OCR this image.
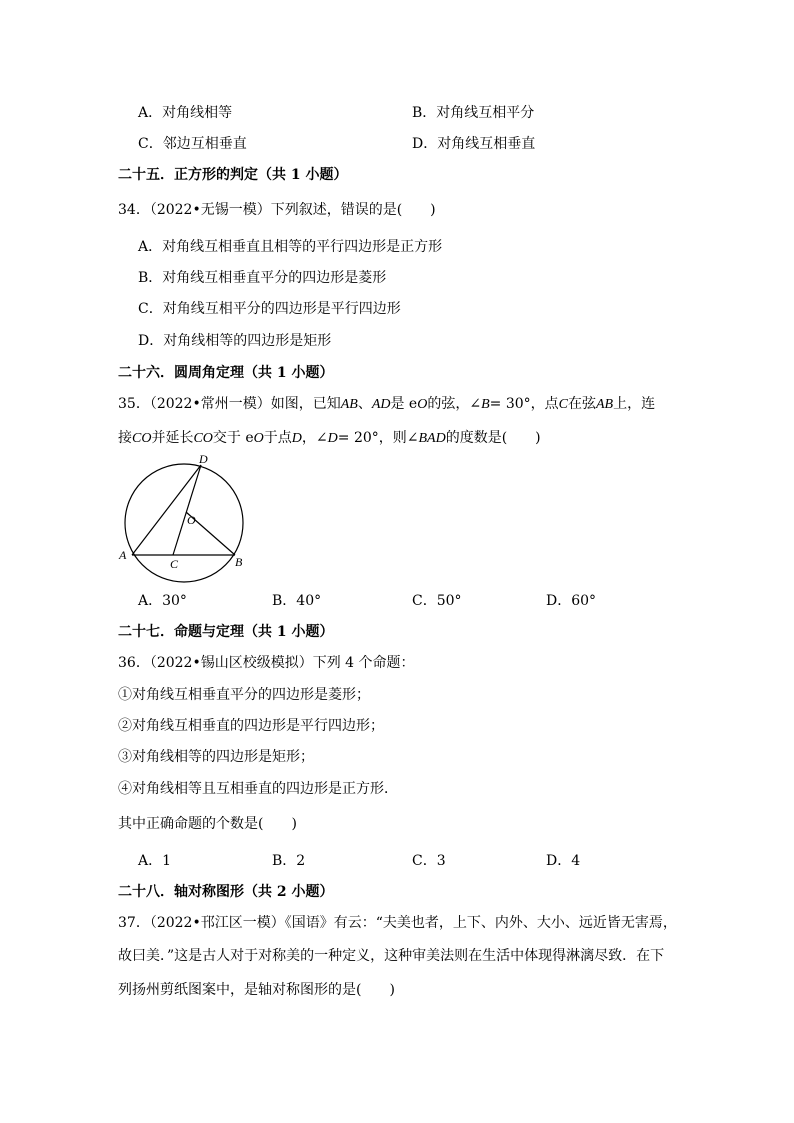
A．对角线相等	B．对角线互相平分
C．邻边互相垂直	D．对角线互相垂直
二十五．正方形的判定（共 1 小题）
34．（2022•无锡一模）下列叙述，错误的是(　　)
A．对角线互相垂直且相等的平行四边形是正方形
B．对角线互相垂直平分的四边形是菱形
C．对角线互相平分的四边形是平行四边形
D．对角线相等的四边形是矩形
二十六．圆周角定理（共 1 小题）
35．（2022•常州一模）如图，已知AB、AD是 eO的弦，∠B= 30°，点C在弦AB上，连
接CO并延长CO交于 eO于点D，∠D= 20°，则∠BAD的度数是(　　)
D
O
A
C	B
A．30°	B．40°	C．50°	D．60°
二十七．命题与定理（共 1 小题）
36．（2022•锡山区校级模拟）下列 4 个命题：
①对角线互相垂直平分的四边形是菱形；
②对角线互相垂直的四边形是平行四边形；
③对角线相等的四边形是矩形；
④对角线相等且互相垂直的四边形是正方形．
其中正确命题的个数是(　　)
A．1	B．2	C．3	D．4
二十八．轴对称图形（共 2 小题）
37．（2022•邗江区一模）《国语》有云：“夫美也者，上下、内外、大小、远近皆无害焉，
故曰美．”这是古人对于对称美的一种定义，这种审美法则在生活中体现得淋漓尽致．在下
列扬州剪纸图案中，是轴对称图形的是(　　)
